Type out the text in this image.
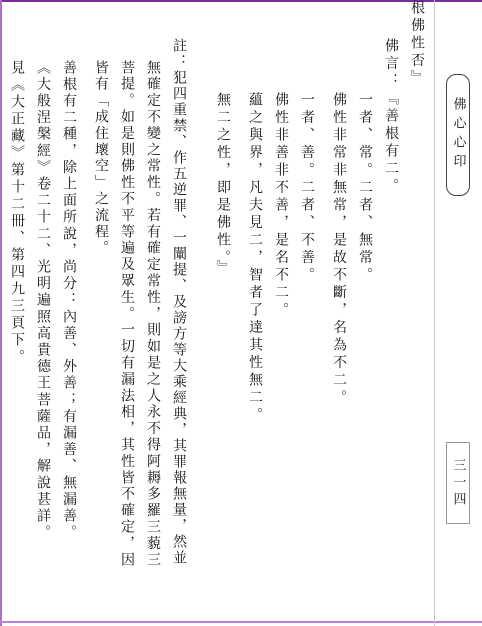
根佛性否』
佛言：『善根有二。
一者、常。二者、無常。
佛性非常非無常，是故不斷，名為不二。
一者、善。二者、不善。
佛性非善非不善，是名不二。
蘊之與界，凡夫見二，智者了達其性無二。
無二之性，即是佛性。』
註：犯四重禁、作五逆罪、一闡提、及謗方等大乘經典，其罪報無量，然並
無確定不變之常性。若有確定常性，則如是之人永不得阿耨多羅三藐三
菩提。如是則佛性不平等遍及眾生。一切有漏法相，其性皆不確定，因
皆有「成住壞空」之流程。
善根有二種，除上面所說，尚分：內善、外善；有漏善、無漏善。
《大般涅槃經》卷二十二、光明遍照高貴德王菩薩品，解說甚詳。
見《大正藏》第十二冊、第四九三頁下。	佛心心印
三一四
